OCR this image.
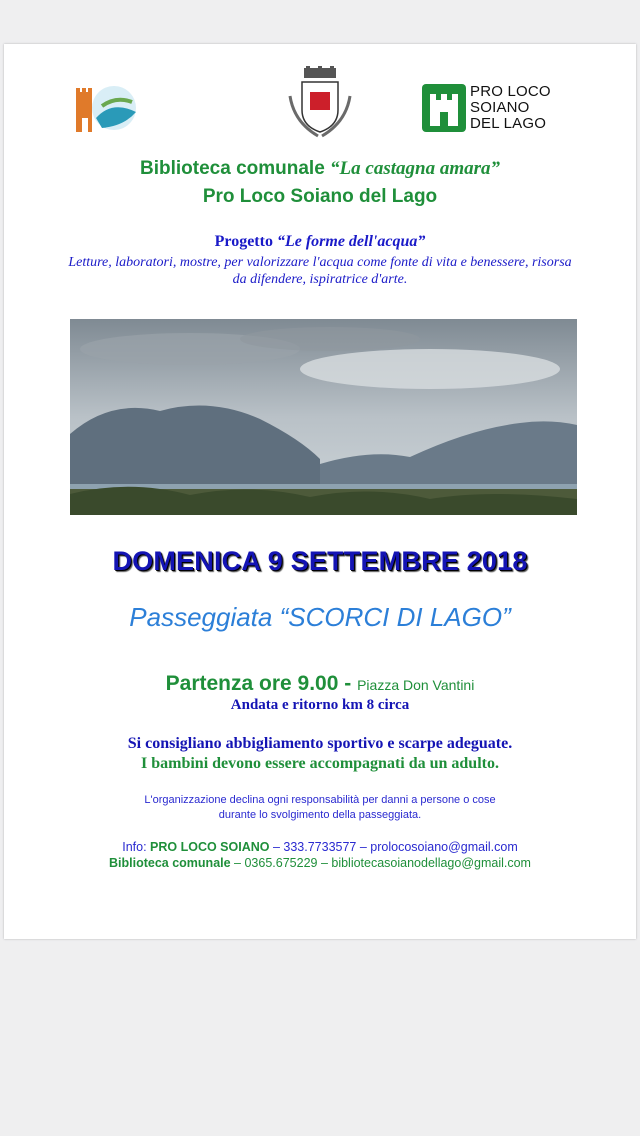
PRO LOCO
SOIANO
DEL LAGO
Biblioteca comunale “La castagna amara”
Pro Loco Soiano del Lago
Progetto “Le forme dell'acqua”
Letture, laboratori, mostre, per valorizzare l'acqua come fonte di vita e benessere, risorsa da difendere, ispiratrice d'arte.
DOMENICA 9 SETTEMBRE 2018
Passeggiata “SCORCI DI LAGO”
Partenza ore 9.00 - Piazza Don Vantini
Andata e ritorno km 8 circa
Si consigliano abbigliamento sportivo e scarpe adeguate.
I bambini devono essere accompagnati da un adulto.
L'organizzazione declina ogni responsabilità per danni a persone o cose
durante lo svolgimento della passeggiata.
Info: PRO LOCO SOIANO – 333.7733577 – prolocosoiano@gmail.com
Biblioteca comunale – 0365.675229 – bibliotecasoianodellago@gmail.com
